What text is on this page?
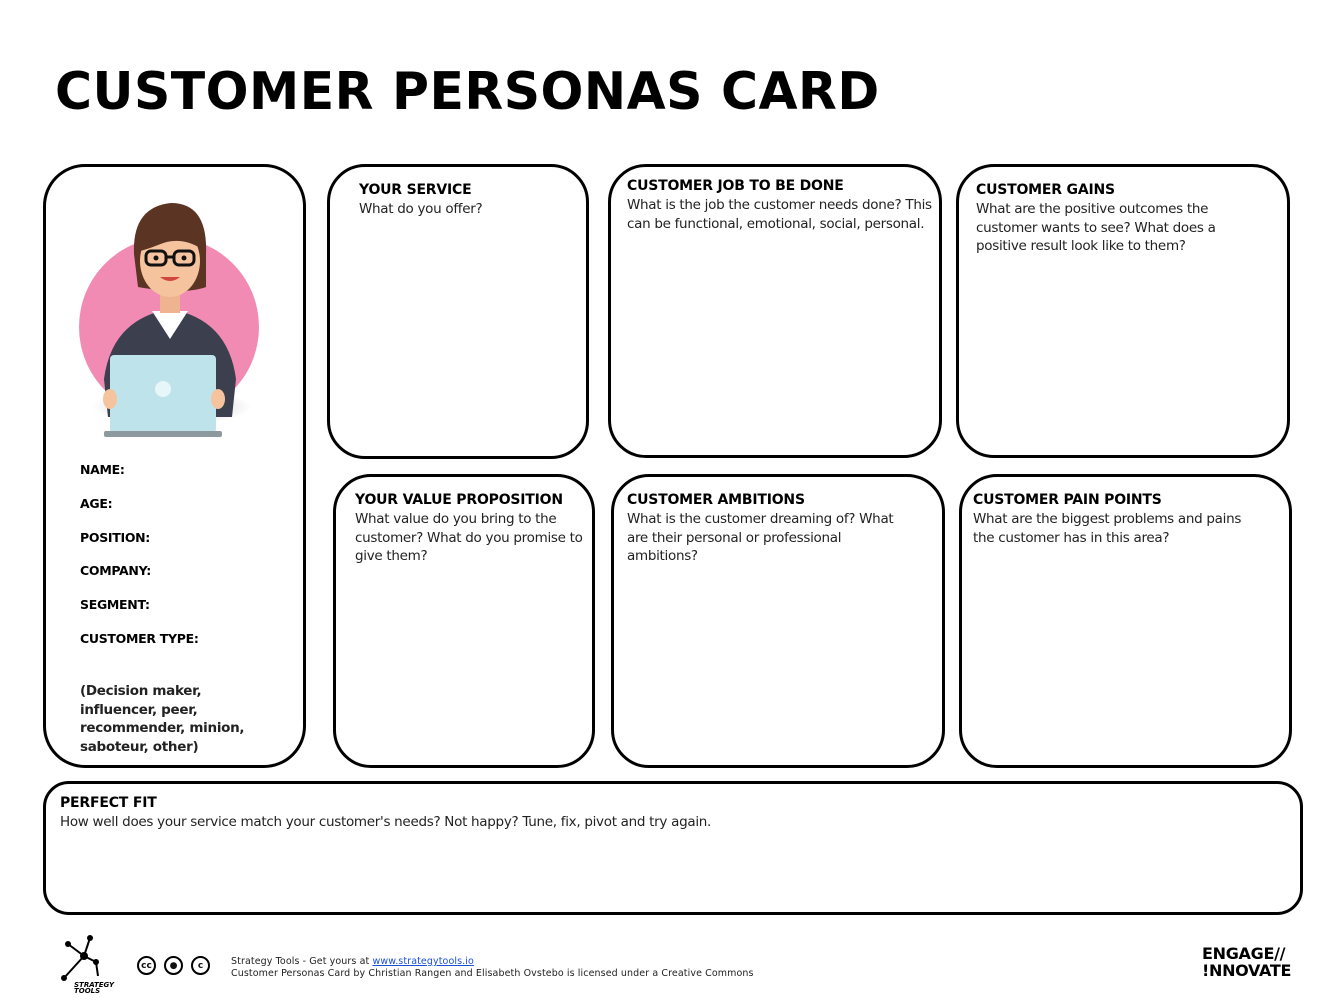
CUSTOMER PERSONAS CARD
NAME:
AGE:
POSITION:
COMPANY:
SEGMENT:
CUSTOMER TYPE:

(Decision maker, influencer, peer, recommender, minion, saboteur, other)

YOUR SERVICE

What do you offer?

CUSTOMER JOB TO BE DONE

What is the job the customer needs done? This can be functional, emotional, social, personal.

CUSTOMER GAINS

What are the positive outcomes the customer wants to see? What does a positive result look like to them?

YOUR VALUE PROPOSITION

What value do you bring to the customer? What do you promise to give them?

CUSTOMER AMBITIONS

What is the customer dreaming of? What are their personal or professional ambitions?

CUSTOMER PAIN POINTS

What are the biggest problems and pains the customer has in this area?

PERFECT FIT

How well does your service match your customer's needs? Not happy? Tune, fix, pivot and try again.

STRATEGY
TOOLS
cc	●	c	Strategy Tools - Get yours at www.strategytools.io
Customer Personas Card by Christian Rangen and Elisabeth Ovstebo is licensed under a Creative Commons
ENGAGE//
!NNOVATE
